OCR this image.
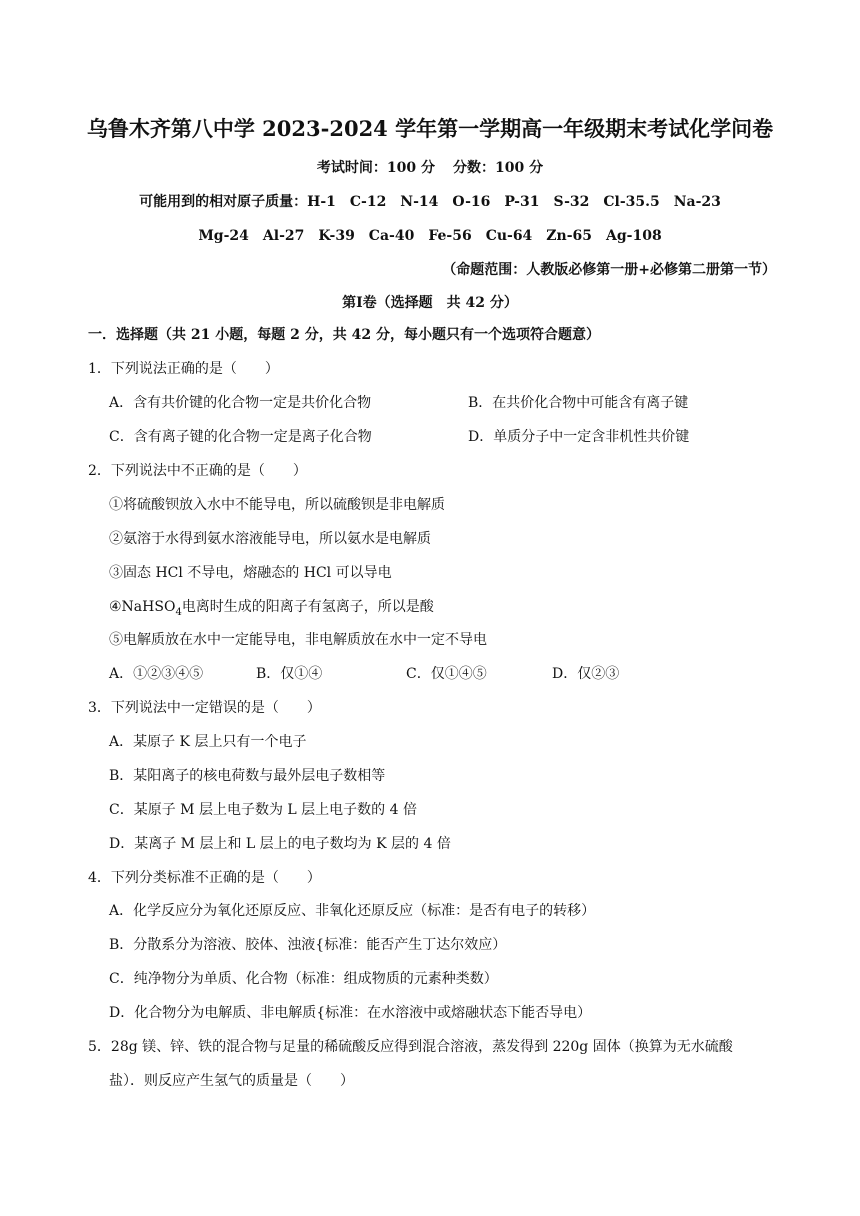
乌鲁木齐第八中学 2023-2024 学年第一学期高一年级期末考试化学问卷
考试时间：100 分 分数：100 分
可能用到的相对原子质量：H-1　C-12　N-14　O-16　P-31　S-32　Cl-35.5　Na-23
Mg-24　Al-27　K-39　Ca-40　Fe-56　Cu-64　Zn-65　Ag-108
（命题范围：人教版必修第一册+必修第二册第一节）
第Ⅰ卷（选择题　共 42 分）
一．选择题（共 21 小题，每题 2 分，共 42 分，每小题只有一个选项符合题意）
1．下列说法正确的是（　　）
A．含有共价键的化合物一定是共价化合物	B．在共价化合物中可能含有离子键
C．含有离子键的化合物一定是离子化合物	D．单质分子中一定含非机性共价键
2．下列说法中不正确的是（　　）
①将硫酸钡放入水中不能导电，所以硫酸钡是非电解质
②氨溶于水得到氨水溶液能导电，所以氨水是电解质
③固态 HCl 不导电，熔融态的 HCl 可以导电
④NaHSO$_4$电离时生成的阳离子有氢离子，所以是酸
⑤电解质放在水中一定能导电，非电解质放在水中一定不导电
A．①②③④⑤	B．仅①④	C．仅①④⑤	D．仅②③
3．下列说法中一定错误的是（　　）
A．某原子 K 层上只有一个电子
B．某阳离子的核电荷数与最外层电子数相等
C．某原子 M 层上电子数为 L 层上电子数的 4 倍
D．某离子 M 层上和 L 层上的电子数均为 K 层的 4 倍
4．下列分类标准不正确的是（　　）
A．化学反应分为氧化还原反应、非氧化还原反应（标准：是否有电子的转移）
B．分散系分为溶液、胶体、浊液{标准：能否产生丁达尔效应）
C．纯净物分为单质、化合物（标准：组成物质的元素种类数）
D．化合物分为电解质、非电解质{标准：在水溶液中或熔融状态下能否导电）
5．28g 镁、锌、铁的混合物与足量的稀硫酸反应得到混合溶液，蒸发得到 220g 固体（换算为无水硫酸
盐）．则反应产生氢气的质量是（　　）
